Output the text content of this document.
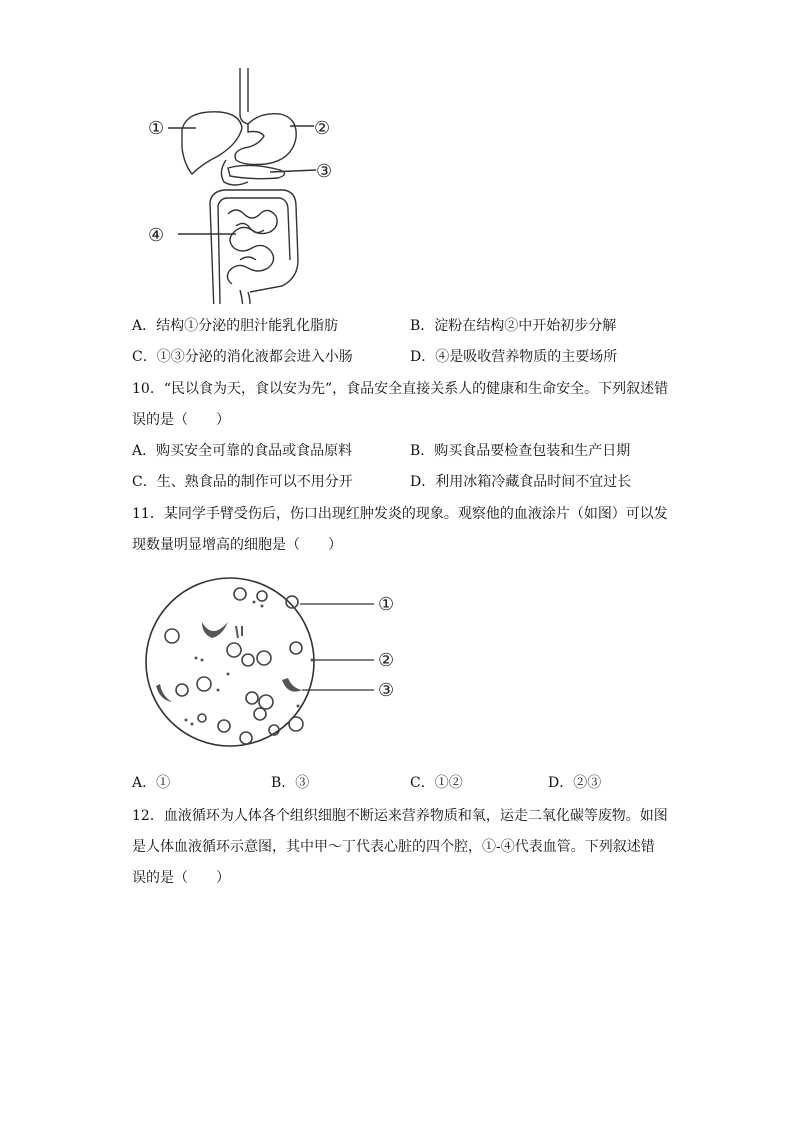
①	②
③
④
A．结构①分泌的胆汁能乳化脂肪	B．淀粉在结构②中开始初步分解
C．①③分泌的消化液都会进入小肠	D．④是吸收营养物质的主要场所
10．“民以食为天，食以安为先”，食品安全直接关系人的健康和生命安全。下列叙述错
误的是（　　）
A．购买安全可靠的食品或食品原料	B．购买食品要检查包装和生产日期
C．生、熟食品的制作可以不用分开	D．利用冰箱冷藏食品时间不宜过长
11．某同学手臂受伤后，伤口出现红肿发炎的现象。观察他的血液涂片（如图）可以发
现数量明显增高的细胞是（　　）
①
②
③
A．①	B．③	C．①②	D．②③
12．血液循环为人体各个组织细胞不断运来营养物质和氧，运走二氧化碳等废物。如图
是人体血液循环示意图，其中甲～丁代表心脏的四个腔，①-④代表血管。下列叙述错
误的是（　　）
